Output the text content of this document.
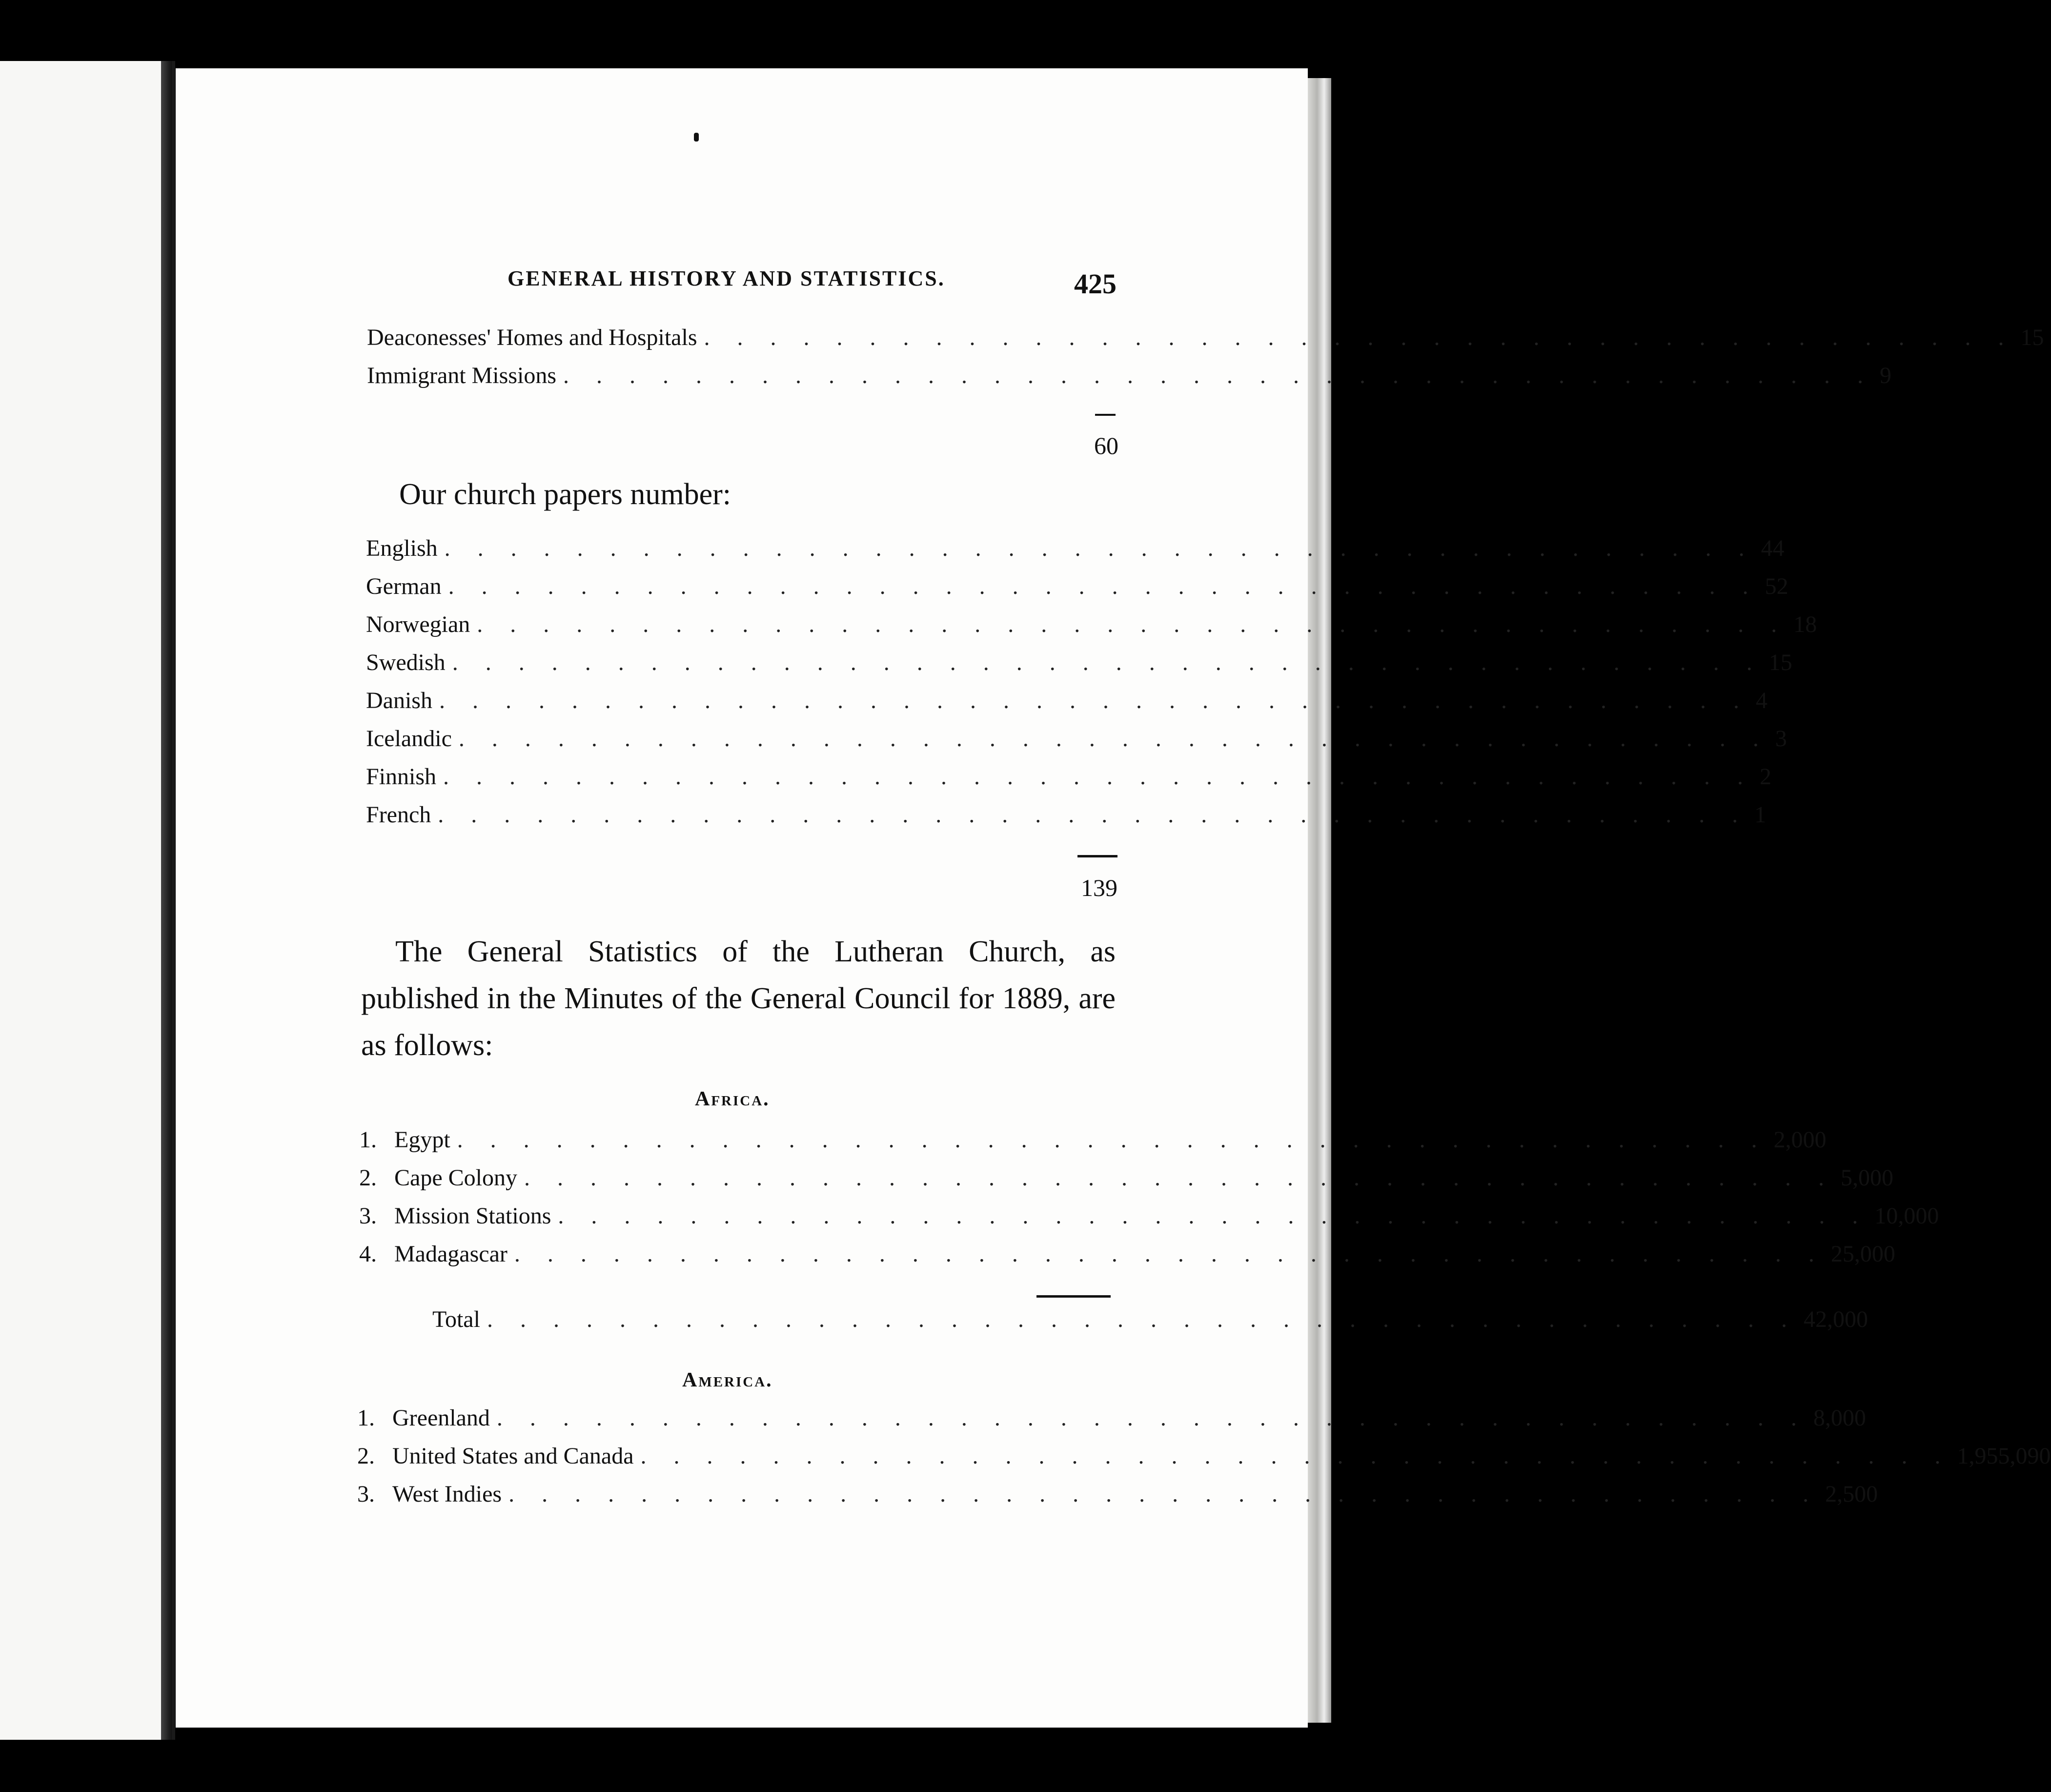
GENERAL HISTORY AND STATISTICS.	425
Deaconesses' Homes and Hospitals . . . . . . . . . . . . . . . . . . . . . . . . . . . . . . . . . . . . . . . . 15
Immigrant Missions . . . . . . . . . . . . . . . . . . . . . . . . . . . . . . . . . . . . . . . . 9
60
Our church papers number:
English . . . . . . . . . . . . . . . . . . . . . . . . . . . . . . . . . . . . . . . . 44
German . . . . . . . . . . . . . . . . . . . . . . . . . . . . . . . . . . . . . . . . 52
Norwegian . . . . . . . . . . . . . . . . . . . . . . . . . . . . . . . . . . . . . . . . 18
Swedish . . . . . . . . . . . . . . . . . . . . . . . . . . . . . . . . . . . . . . . . 15
Danish . . . . . . . . . . . . . . . . . . . . . . . . . . . . . . . . . . . . . . . . 4
Icelandic . . . . . . . . . . . . . . . . . . . . . . . . . . . . . . . . . . . . . . . . 3
Finnish . . . . . . . . . . . . . . . . . . . . . . . . . . . . . . . . . . . . . . . . 2
French . . . . . . . . . . . . . . . . . . . . . . . . . . . . . . . . . . . . . . . . 1
139
The General Statistics of the Lutheran Church, as published in the Minutes of the General Council for 1889, are as follows:
Africa.
1. Egypt . . . . . . . . . . . . . . . . . . . . . . . . . . . . . . . . . . . . . . . . 2,000
2. Cape Colony . . . . . . . . . . . . . . . . . . . . . . . . . . . . . . . . . . . . . . . . 5,000
3. Mission Stations . . . . . . . . . . . . . . . . . . . . . . . . . . . . . . . . . . . . . . . . 10,000
4. Madagascar . . . . . . . . . . . . . . . . . . . . . . . . . . . . . . . . . . . . . . . . 25,000
Total . . . . . . . . . . . . . . . . . . . . . . . . . . . . . . . . . . . . . . . . 42,000
America.
1. Greenland . . . . . . . . . . . . . . . . . . . . . . . . . . . . . . . . . . . . . . . . 8,000
2. United States and Canada . . . . . . . . . . . . . . . . . . . . . . . . . . . . . . . . . . . . . . . . 1,955,090
3. West Indies . . . . . . . . . . . . . . . . . . . . . . . . . . . . . . . . . . . . . . . . 2,500
